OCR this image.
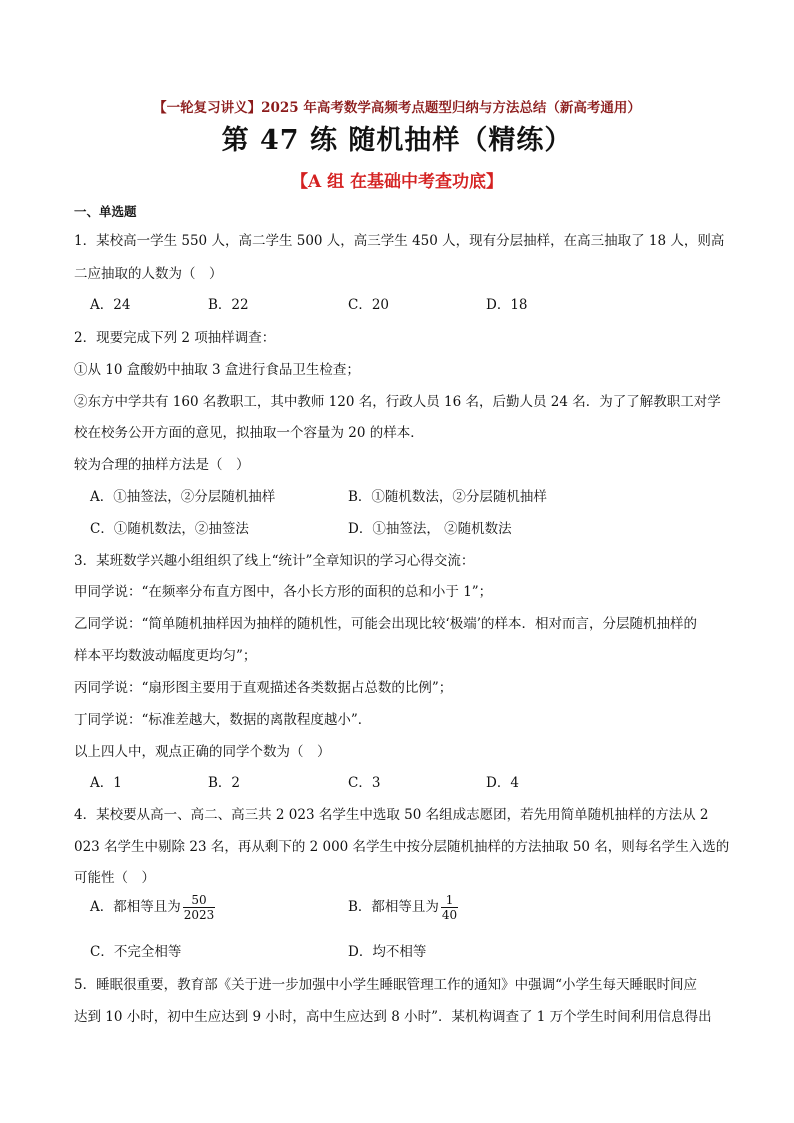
【一轮复习讲义】2025 年高考数学高频考点题型归纳与方法总结（新高考通用）
第 47 练 随机抽样（精练）
【A 组 在基础中考查功底】
一、单选题
1．某校高一学生 550 人，高二学生 500 人，高三学生 450 人，现有分层抽样，在高三抽取了 18 人，则高
二应抽取的人数为（　）
A．24	B．22	C．20	D．18
2．现要完成下列 2 项抽样调查：
①从 10 盒酸奶中抽取 3 盒进行食品卫生检查；
②东方中学共有 160 名教职工，其中教师 120 名，行政人员 16 名，后勤人员 24 名．为了了解教职工对学
校在校务公开方面的意见，拟抽取一个容量为 20 的样本．
较为合理的抽样方法是（　）
A．①抽签法，②分层随机抽样	B．①随机数法，②分层随机抽样
C．①随机数法，②抽签法	D．①抽签法， ②随机数法
3．某班数学兴趣小组组织了线上“统计”全章知识的学习心得交流：
甲同学说：“在频率分布直方图中，各小长方形的面积的总和小于 1”；
乙同学说：“简单随机抽样因为抽样的随机性，可能会出现比较‘极端’的样本．相对而言，分层随机抽样的
样本平均数波动幅度更均匀”；
丙同学说：“扇形图主要用于直观描述各类数据占总数的比例”；
丁同学说：“标准差越大，数据的离散程度越小”．
以上四人中，观点正确的同学个数为（　）
A．1	B．2	C．3	D．4
4．某校要从高一、高二、高三共 2 023 名学生中选取 50 名组成志愿团，若先用简单随机抽样的方法从 2
023 名学生中剔除 23 名，再从剩下的 2 000 名学生中按分层随机抽样的方法抽取 50 名，则每名学生入选的
可能性（　）
A．都相等且为 $\frac{50}{2023}$	B．都相等且为 $\frac{1}{40}$
C．不完全相等	D．均不相等
5．睡眠很重要，教育部《关于进一步加强中小学生睡眠管理工作的通知》中强调“小学生每天睡眠时间应
达到 10 小时，初中生应达到 9 小时，高中生应达到 8 小时”．某机构调查了 1 万个学生时间利用信息得出
